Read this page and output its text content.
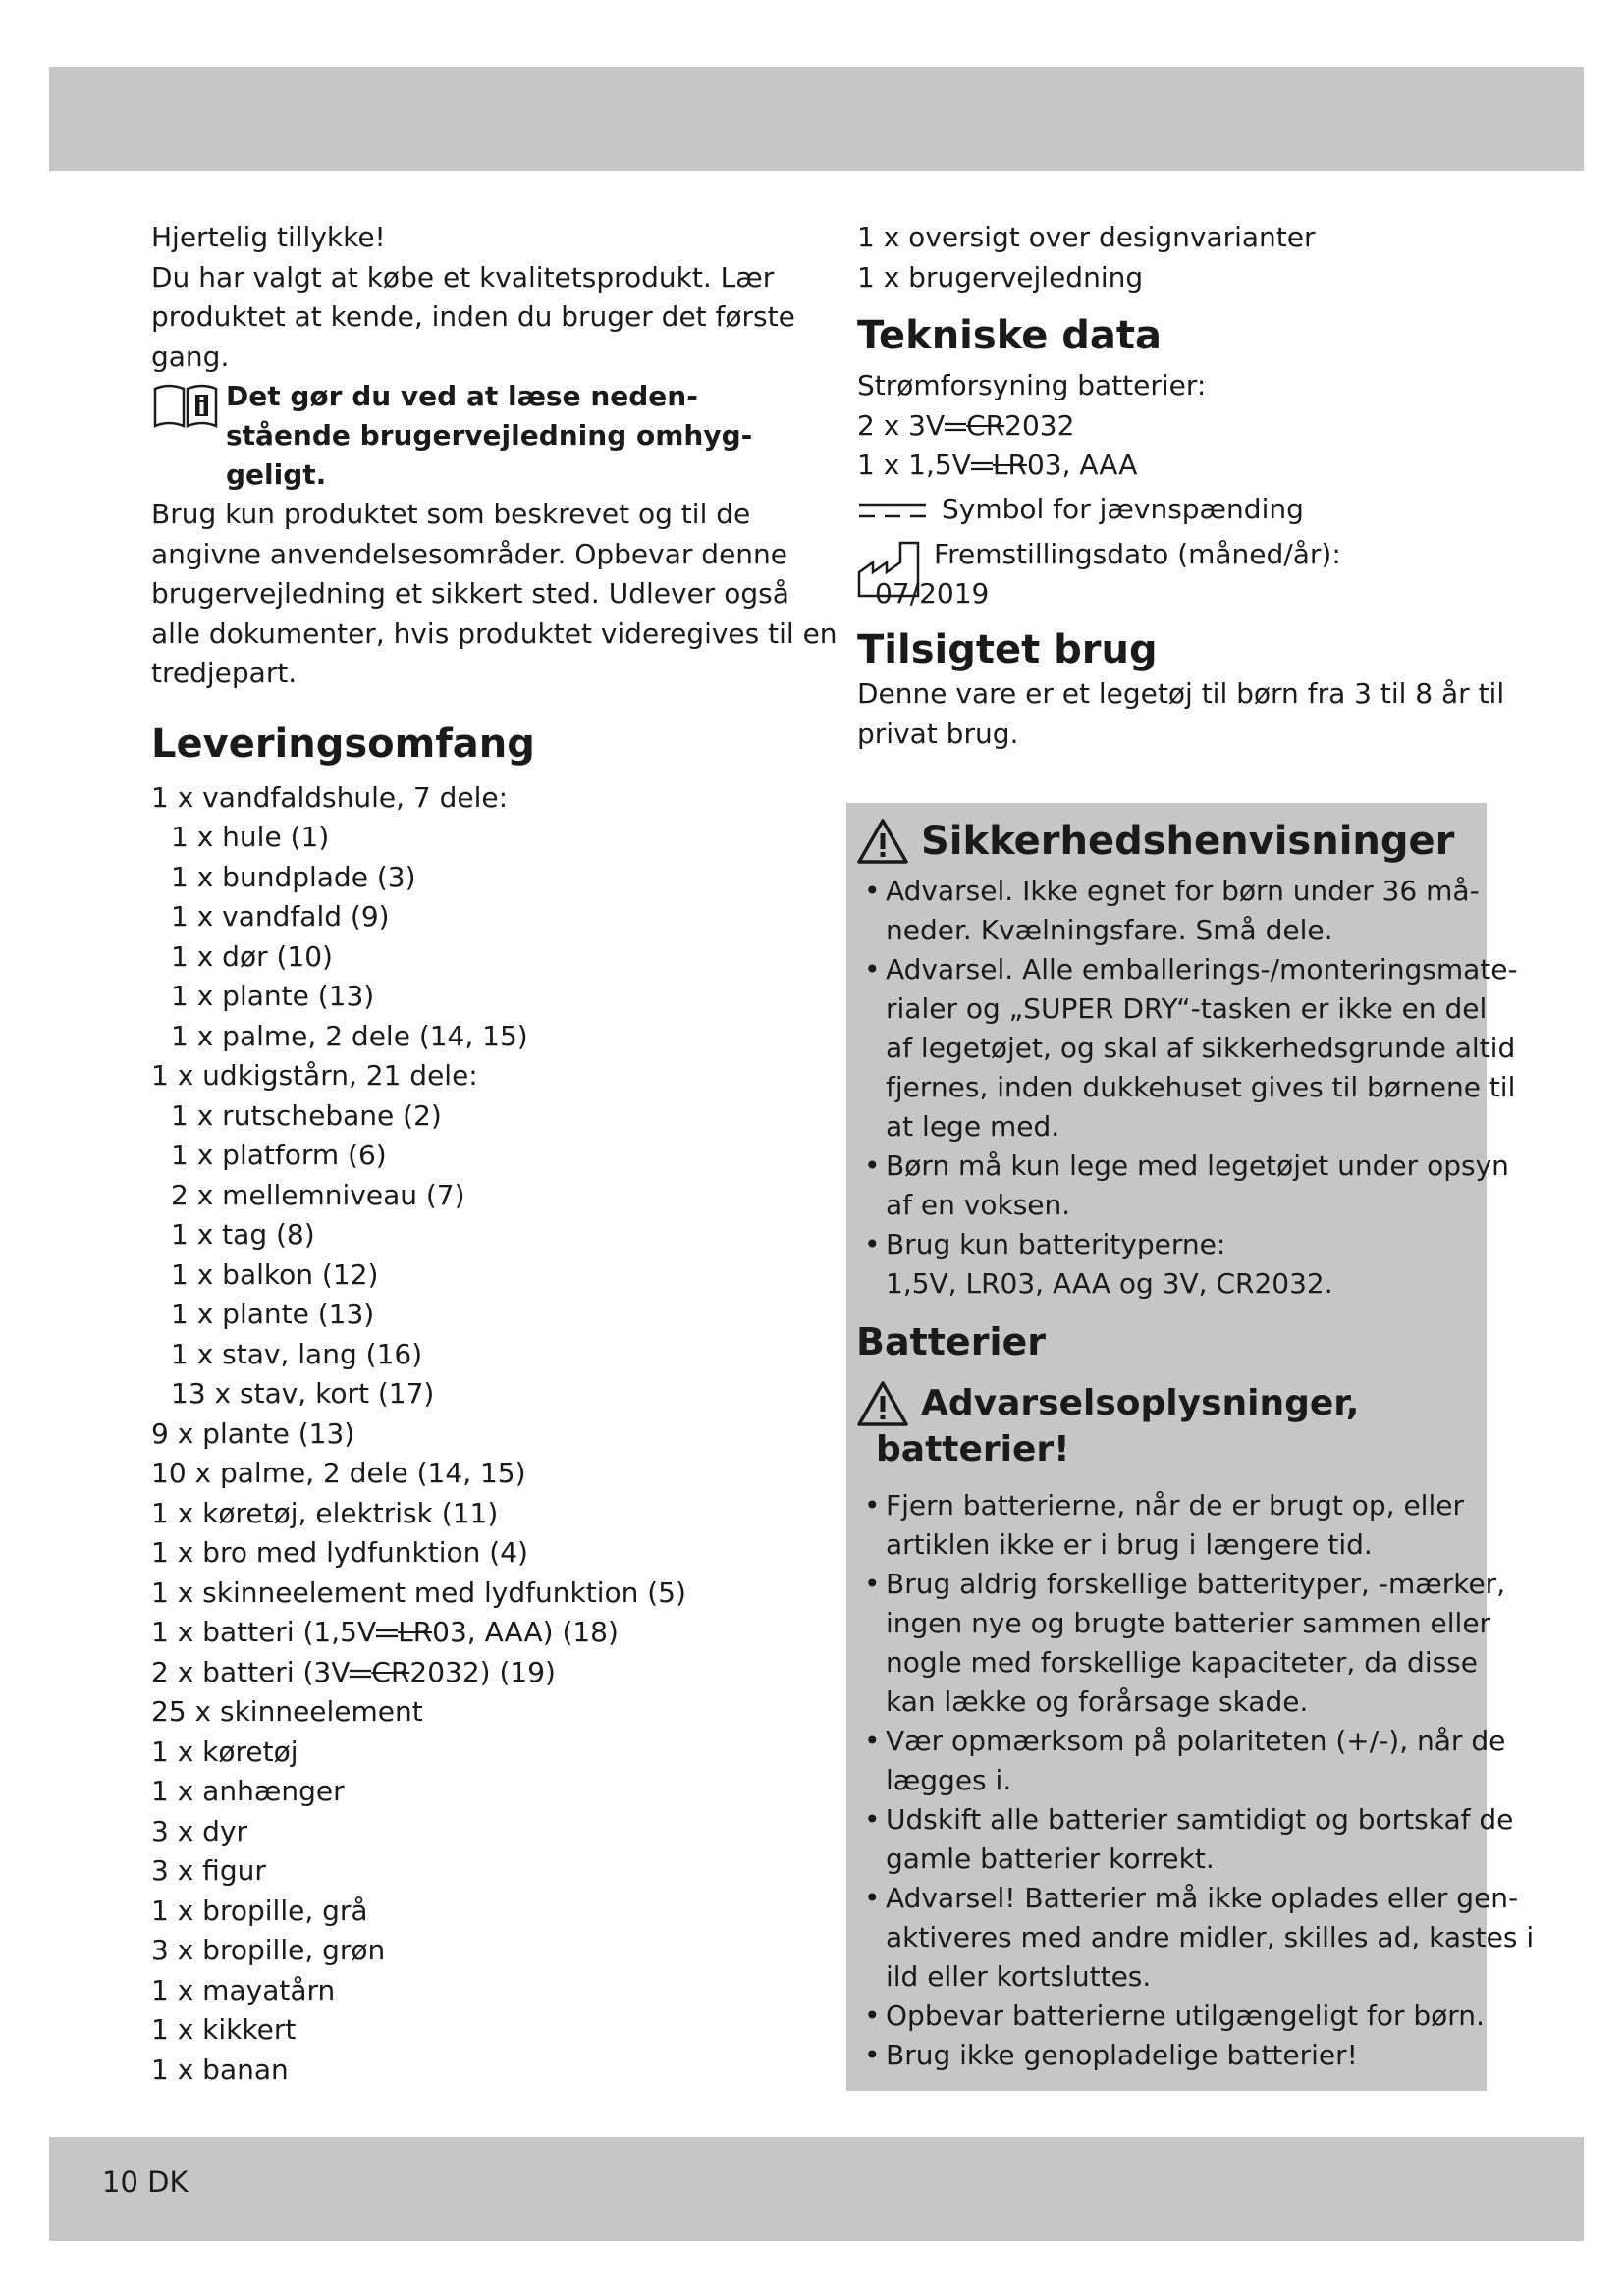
Hjertelig tillykke!
Du har valgt at købe et kvalitetsprodukt. Lær
produktet at kende, inden du bruger det første
gang.
Det gør du ved at læse neden-
stående brugervejledning omhyg-
geligt.
Brug kun produktet som beskrevet og til de
angivne anvendelsesområder. Opbevar denne
brugervejledning et sikkert sted. Udlever også
alle dokumenter, hvis produktet videregives til en
tredjepart.
Leveringsomfang
1 x vandfaldshule, 7 dele:
1 x hule (1)
1 x bundplade (3)
1 x vandfald (9)
1 x dør (10)
1 x plante (13)
1 x palme, 2 dele (14, 15)
1 x udkigstårn, 21 dele:
1 x rutschebane (2)
1 x platform (6)
2 x mellemniveau (7)
1 x tag (8)
1 x balkon (12)
1 x plante (13)
1 x stav, lang (16)
13 x stav, kort (17)
9 x plante (13)
10 x palme, 2 dele (14, 15)
1 x køretøj, elektrisk (11)
1 x bro med lydfunktion (4)
1 x skinneelement med lydfunktion (5)
1 x batteri (1,5V LR03, AAA) (18)
2 x batteri (3V CR2032) (19)
25 x skinneelement
1 x køretøj
1 x anhænger
3 x dyr
3 x figur
1 x bropille, grå
3 x bropille, grøn
1 x mayatårn
1 x kikkert
1 x banan
1 x oversigt over designvarianter
1 x brugervejledning
Tekniske data
Strømforsyning batterier:
2 x 3V CR2032
1 x 1,5V LR03, AAA
Symbol for jævnspænding
Fremstillingsdato (måned/år):
07/2019
Tilsigtet brug
Denne vare er et legetøj til børn fra 3 til 8 år til
privat brug.
Sikkerhedshenvisninger
• Advarsel. Ikke egnet for børn under 36 må-
neder. Kvælningsfare. Små dele.
• Advarsel. Alle emballerings-/monteringsmate-
rialer og „SUPER DRY“-tasken er ikke en del
af legetøjet, og skal af sikkerhedsgrunde altid
fjernes, inden dukkehuset gives til børnene til
at lege med.
• Børn må kun lege med legetøjet under opsyn
af en voksen.
• Brug kun batterityperne:
1,5V, LR03, AAA og 3V, CR2032.
Batterier
Advarselsoplysninger,
batterier!
• Fjern batterierne, når de er brugt op, eller
artiklen ikke er i brug i længere tid.
• Brug aldrig forskellige batterityper, -mærker,
ingen nye og brugte batterier sammen eller
nogle med forskellige kapaciteter, da disse
kan lække og forårsage skade.
• Vær opmærksom på polariteten (+/-), når de
lægges i.
• Udskift alle batterier samtidigt og bortskaf de
gamle batterier korrekt.
• Advarsel! Batterier må ikke oplades eller gen-
aktiveres med andre midler, skilles ad, kastes i
ild eller kortsluttes.
• Opbevar batterierne utilgængeligt for børn.
• Brug ikke genopladelige batterier!
10 DK
